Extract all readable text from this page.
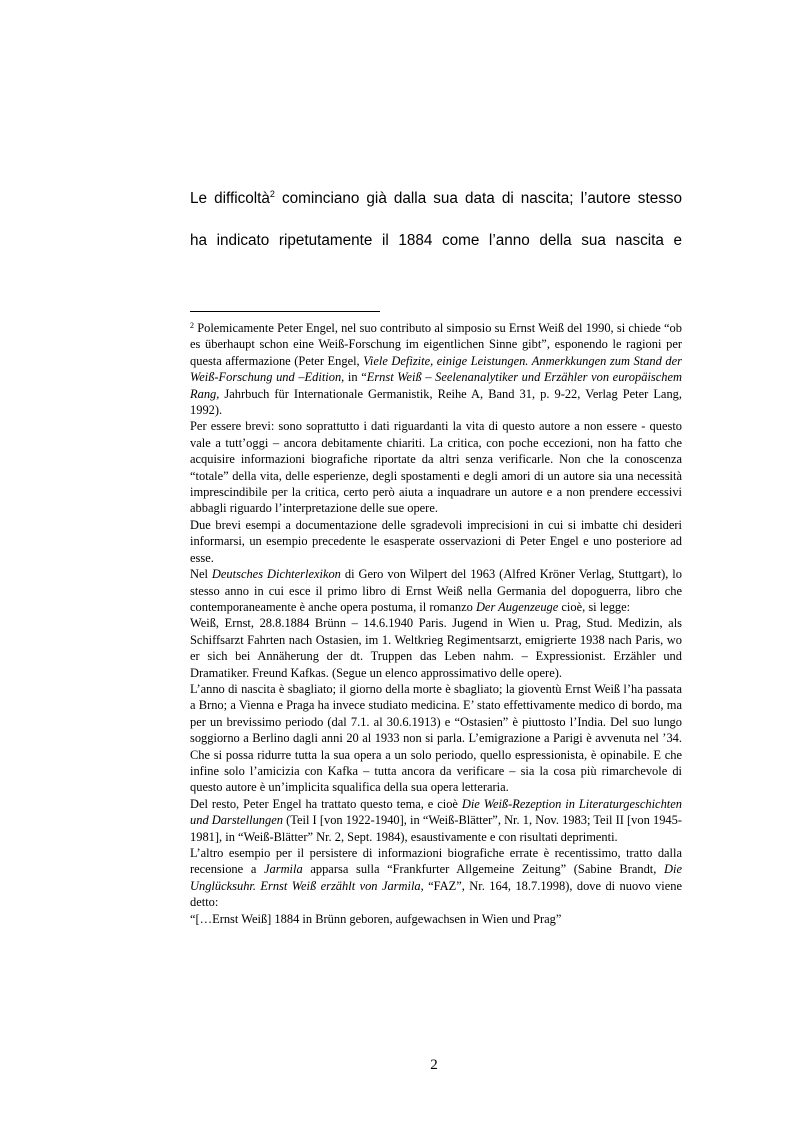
Le difficoltà$^2$ cominciano già dalla sua data di nascita; l’autore stesso

ha indicato ripetutamente il 1884 come l’anno della sua nascita e

$^2$ Polemicamente Peter Engel, nel suo contributo al simposio su Ernst Weiß del 1990, si chiede “ob es überhaupt schon eine Weiß-Forschung im eigentlichen Sinne gibt”, esponendo le ragioni per questa affermazione (Peter Engel, Viele Defizite, einige Leistungen. Anmerkkungen zum Stand der Weiß-Forschung und –Edition, in “Ernst Weiß – Seelenanalytiker und Erzähler von europäischem Rang, Jahrbuch für Internationale Germanistik, Reihe A, Band 31, p. 9-22, Verlag Peter Lang, 1992).

Per essere brevi: sono soprattutto i dati riguardanti la vita di questo autore a non essere - questo vale a tutt’oggi – ancora debitamente chiariti. La critica, con poche eccezioni, non ha fatto che acquisire informazioni biografiche riportate da altri senza verificarle. Non che la conoscenza “totale” della vita, delle esperienze, degli spostamenti e degli amori di un autore sia una necessità imprescindibile per la critica, certo però aiuta a inquadrare un autore e a non prendere eccessivi abbagli riguardo l’interpretazione delle sue opere.

Due brevi esempi a documentazione delle sgradevoli imprecisioni in cui si imbatte chi desideri informarsi, un esempio precedente le esasperate osservazioni di Peter Engel e uno posteriore ad esse.

Nel Deutsches Dichterlexikon di Gero von Wilpert del 1963 (Alfred Kröner Verlag, Stuttgart), lo stesso anno in cui esce il primo libro di Ernst Weiß nella Germania del dopoguerra, libro che contemporaneamente è anche opera postuma, il romanzo Der Augenzeuge cioè, si legge:

Weiß, Ernst, 28.8.1884 Brünn – 14.6.1940 Paris. Jugend in Wien u. Prag, Stud. Medizin, als Schiffsarzt Fahrten nach Ostasien, im 1. Weltkrieg Regimentsarzt, emigrierte 1938 nach Paris, wo er sich bei Annäherung der dt. Truppen das Leben nahm. – Expressionist. Erzähler und Dramatiker. Freund Kafkas. (Segue un elenco approssimativo delle opere).

L’anno di nascita è sbagliato; il giorno della morte è sbagliato; la gioventù Ernst Weiß l’ha passata a Brno; a Vienna e Praga ha invece studiato medicina. E’ stato effettivamente medico di bordo, ma per un brevissimo periodo (dal 7.1. al 30.6.1913) e “Ostasien” è piuttosto l’India. Del suo lungo soggiorno a Berlino dagli anni 20 al 1933 non si parla. L’emigrazione a Parigi è avvenuta nel ’34. Che si possa ridurre tutta la sua opera a un solo periodo, quello espressionista, è opinabile. E che infine solo l’amicizia con Kafka – tutta ancora da verificare – sia la cosa più rimarchevole di questo autore è un’implicita squalifica della sua opera letteraria.

Del resto, Peter Engel ha trattato questo tema, e cioè Die Weiß-Rezeption in Literaturgeschichten und Darstellungen (Teil I [von 1922-1940], in “Weiß-Blätter”, Nr. 1, Nov. 1983; Teil II [von 1945-1981], in “Weiß-Blätter” Nr. 2, Sept. 1984), esaustivamente e con risultati deprimenti.

L’altro esempio per il persistere di informazioni biografiche errate è recentissimo, tratto dalla recensione a Jarmila apparsa sulla “Frankfurter Allgemeine Zeitung” (Sabine Brandt, Die Unglücksuhr. Ernst Weiß erzählt von Jarmila, “FAZ”, Nr. 164, 18.7.1998), dove di nuovo viene detto:

“[…Ernst Weiß] 1884 in Brünn geboren, aufgewachsen in Wien und Prag”

2
